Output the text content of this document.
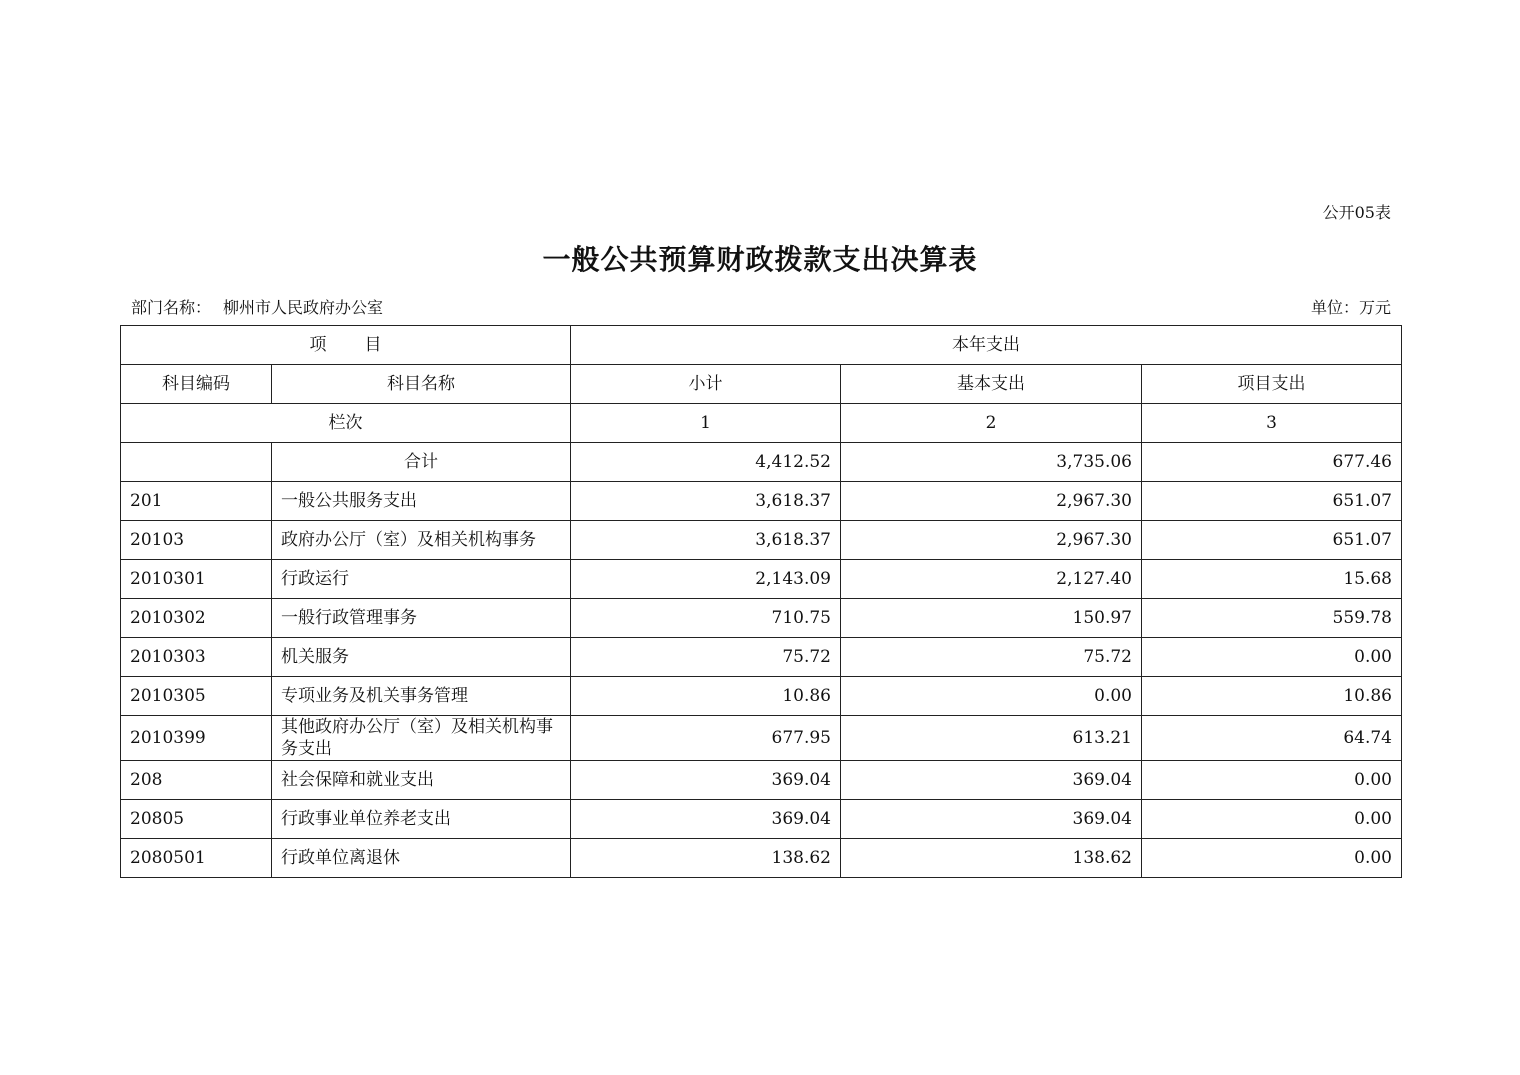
公开05表
一般公共预算财政拨款支出决算表
部门名称： 柳州市人民政府办公室	单位：万元
项 目		本年支出		
科目编码	科目名称	小计	基本支出	项目支出
栏次		1	2	3
	合计	4,412.52	3,735.06	677.46
201	一般公共服务支出	3,618.37	2,967.30	651.07
20103	政府办公厅（室）及相关机构事务	3,618.37	2,967.30	651.07
2010301	行政运行	2,143.09	2,127.40	15.68
2010302	一般行政管理事务	710.75	150.97	559.78
2010303	机关服务	75.72	75.72	0.00
2010305	专项业务及机关事务管理	10.86	0.00	10.86
2010399	其他政府办公厅（室）及相关机构事务支出	677.95	613.21	64.74
208	社会保障和就业支出	369.04	369.04	0.00
20805	行政事业单位养老支出	369.04	369.04	0.00
2080501	行政单位离退休	138.62	138.62	0.00
